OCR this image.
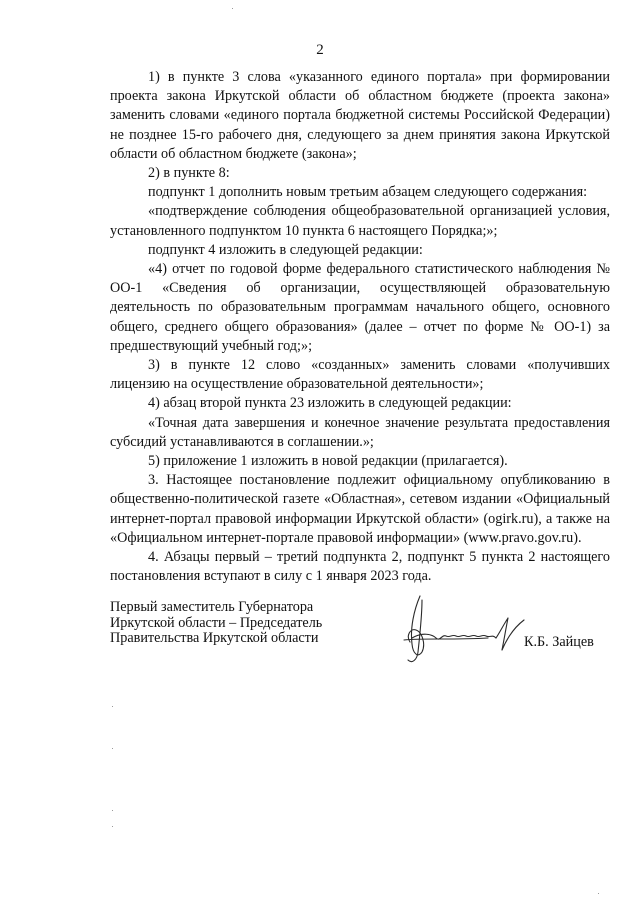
2

1) в пункте 3 слова «указанного единого портала» при формировании проекта закона Иркутской области об областном бюджете (проекта закона» заменить словами «единого портала бюджетной системы Российской Федерации) не позднее 15-го рабочего дня, следующего за днем принятия закона Иркутской области об областном бюджете (закона»;

2) в пункте 8:

подпункт 1 дополнить новым третьим абзацем следующего содержания:

«подтверждение соблюдения общеобразовательной организацией условия, установленного подпунктом 10 пункта 6 настоящего Порядка;»;

подпункт 4 изложить в следующей редакции:

«4) отчет по годовой форме федерального статистического наблюдения № ОО-1 «Сведения об организации, осуществляющей образовательную деятельность по образовательным программам начального общего, основного общего, среднего общего образования» (далее – отчет по форме № ОО-1) за предшествующий учебный год;»;

3) в пункте 12 слово «созданных» заменить словами «получивших лицензию на осуществление образовательной деятельности»;

4) абзац второй пункта 23 изложить в следующей редакции:

«Точная дата завершения и конечное значение результата предоставления субсидий устанавливаются в соглашении.»;

5) приложение 1 изложить в новой редакции (прилагается).

3. Настоящее постановление подлежит официальному опубликованию в общественно-политической газете «Областная», сетевом издании «Официальный интернет-портал правовой информации Иркутской области» (ogirk.ru), а также на «Официальном интернет-портале правовой информации» (www.pravo.gov.ru).

4. Абзацы первый – третий подпункта 2, подпункт 5 пункта 2 настоящего постановления вступают в силу с 1 января 2023 года.

Первый заместитель Губернатора
Иркутской области – Председатель
Правительства Иркутской области	К.Б. Зайцев
